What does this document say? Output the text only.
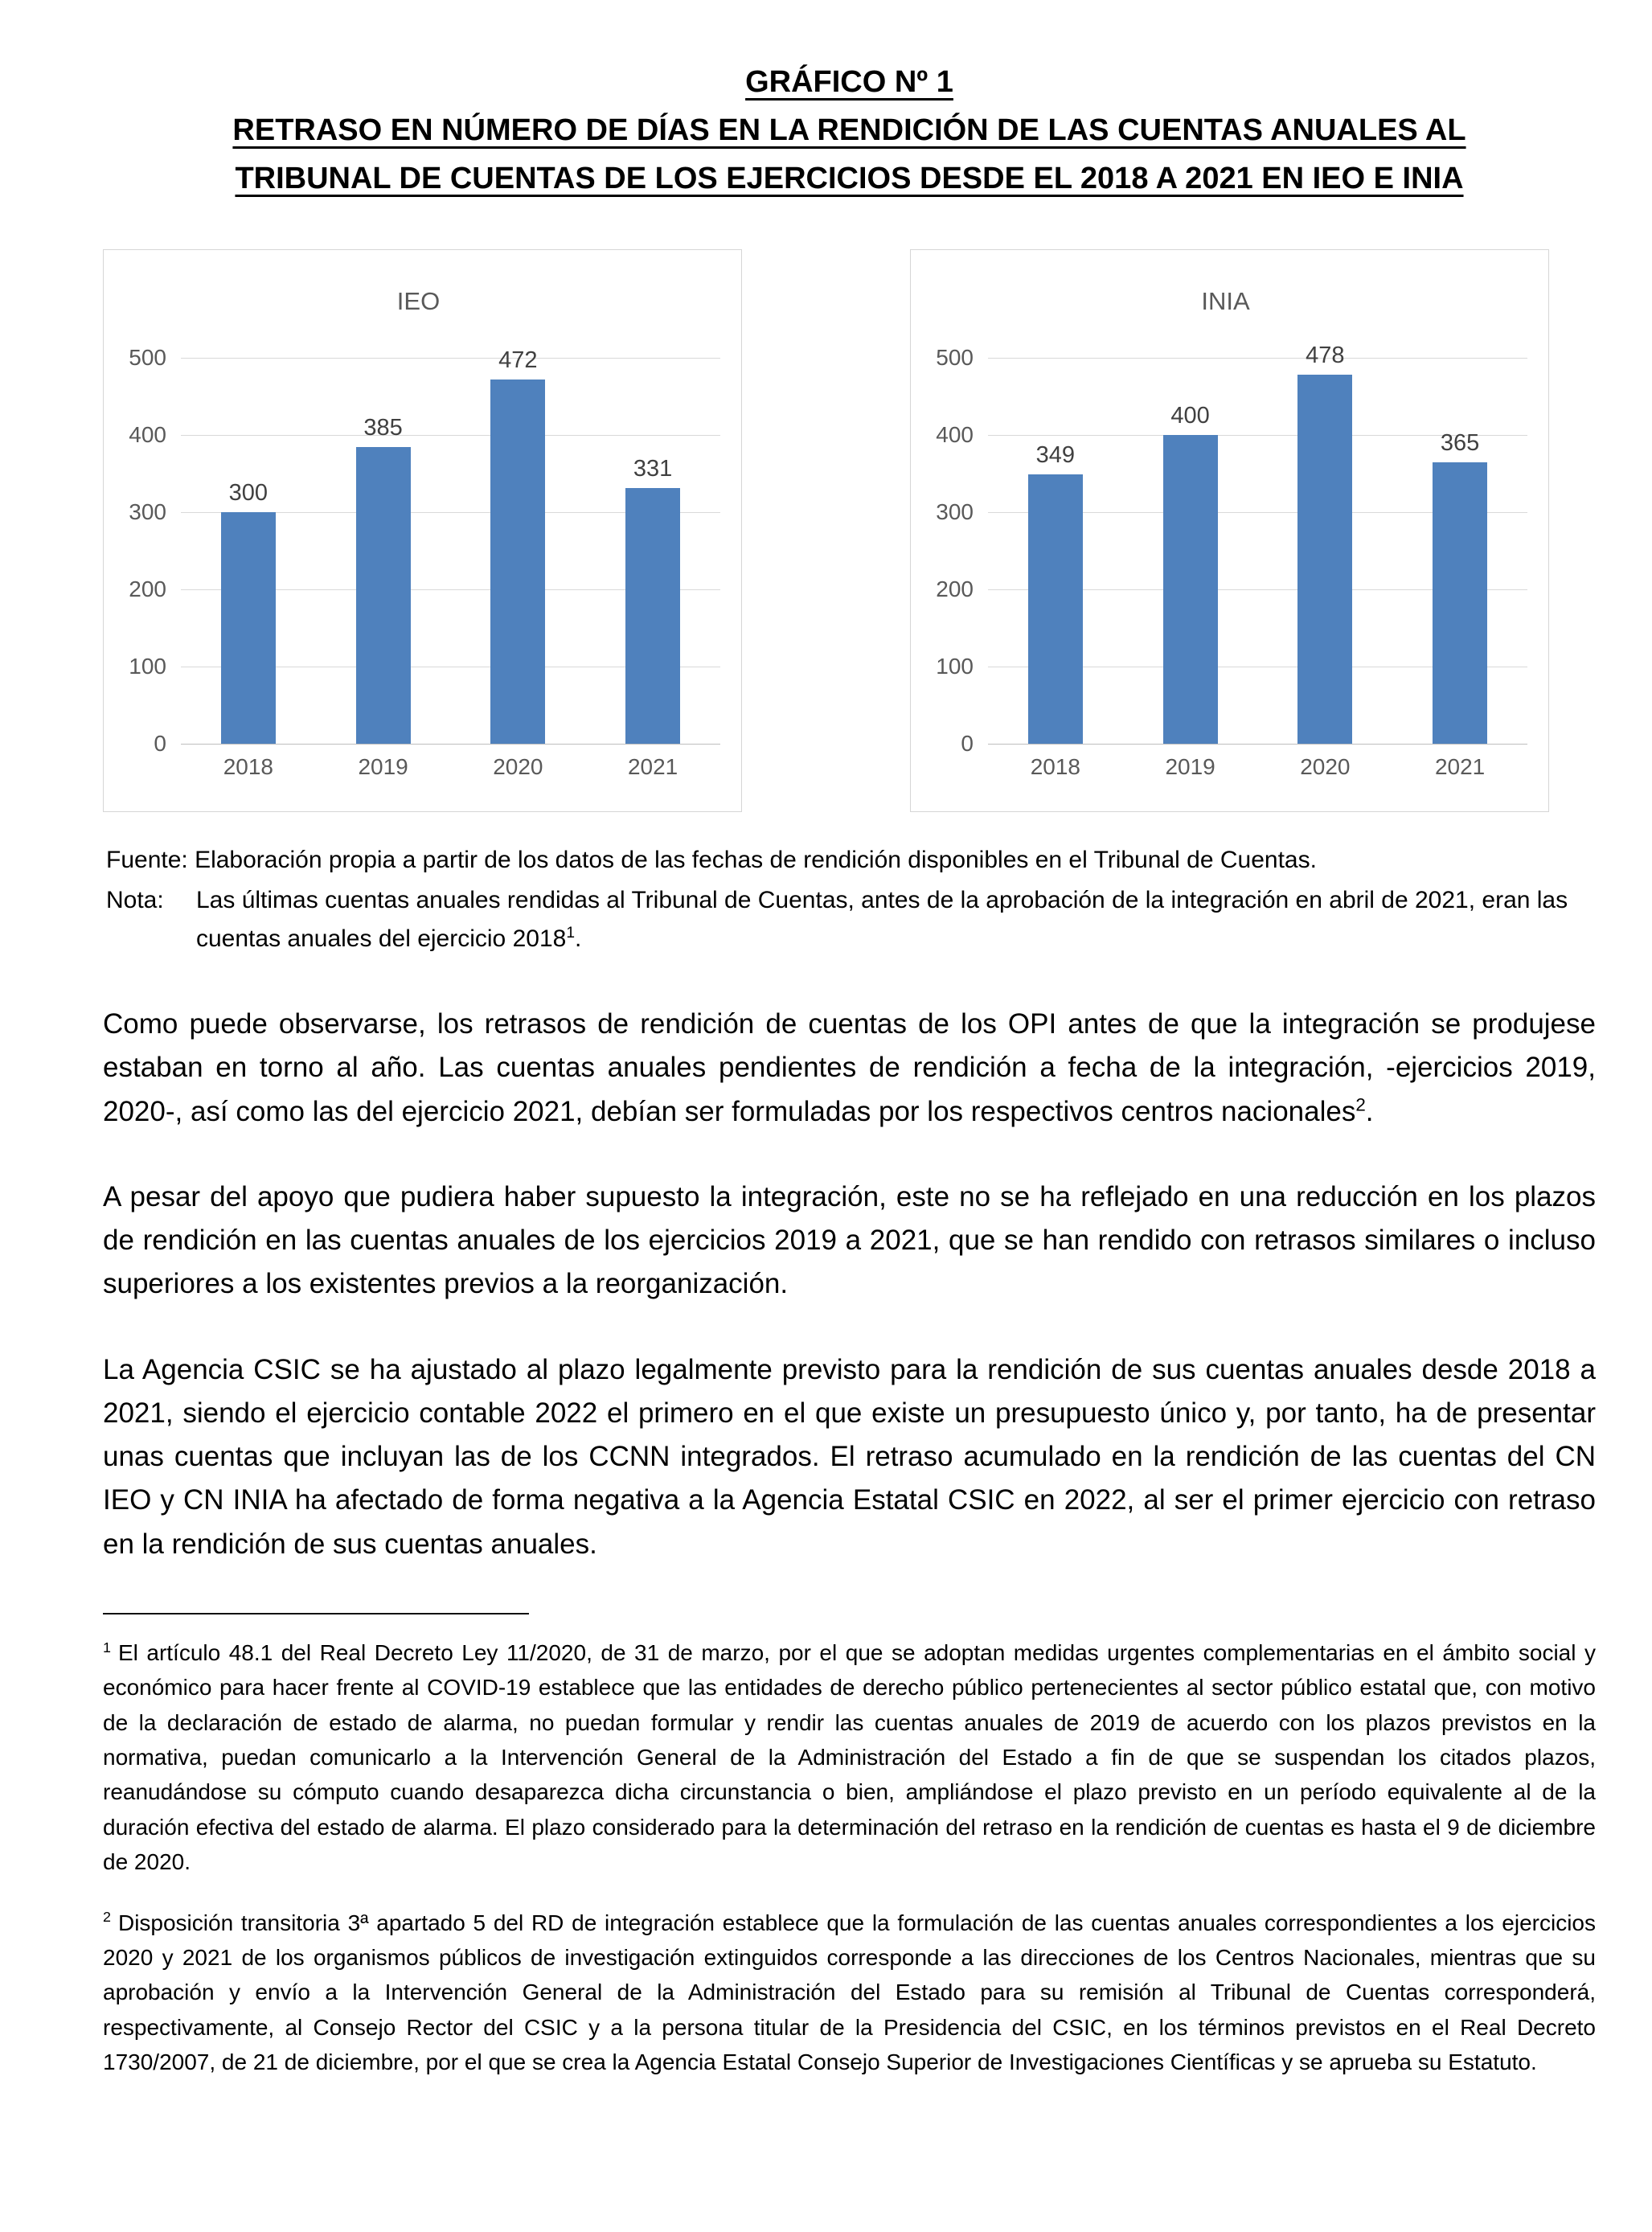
GRÁFICO Nº 1
RETRASO EN NÚMERO DE DÍAS EN LA RENDICIÓN DE LAS CUENTAS ANUALES AL
TRIBUNAL DE CUENTAS DE LOS EJERCICIOS DESDE EL 2018 A 2021 EN IEO E INIA
IEO
0
100
200
300
400
500
300
385
472
331
2018	2019	2020	2021
INIA
0
100
200
300
400
500
349
400
478
365
2018	2019	2020	2021

Fuente: Elaboración propia a partir de los datos de las fechas de rendición disponibles en el Tribunal de Cuentas.

Nota:	Las últimas cuentas anuales rendidas al Tribunal de Cuentas, antes de la aprobación de la integración en abril de 2021, eran las cuentas anuales del ejercicio 2018$^1$.

Como puede observarse, los retrasos de rendición de cuentas de los OPI antes de que la integración se produjese estaban en torno al año. Las cuentas anuales pendientes de rendición a fecha de la integración, -ejercicios 2019, 2020-, así como las del ejercicio 2021, debían ser formuladas por los respectivos centros nacionales$^2$.

A pesar del apoyo que pudiera haber supuesto la integración, este no se ha reflejado en una reducción en los plazos de rendición en las cuentas anuales de los ejercicios 2019 a 2021, que se han rendido con retrasos similares o incluso superiores a los existentes previos a la reorganización.

La Agencia CSIC se ha ajustado al plazo legalmente previsto para la rendición de sus cuentas anuales desde 2018 a 2021, siendo el ejercicio contable 2022 el primero en el que existe un presupuesto único y, por tanto, ha de presentar unas cuentas que incluyan las de los CCNN integrados. El retraso acumulado en la rendición de las cuentas del CN IEO y CN INIA ha afectado de forma negativa a la Agencia Estatal CSIC en 2022, al ser el primer ejercicio con retraso en la rendición de sus cuentas anuales.

$^1$ El artículo 48.1 del Real Decreto Ley 11/2020, de 31 de marzo, por el que se adoptan medidas urgentes complementarias en el ámbito social y económico para hacer frente al COVID-19 establece que las entidades de derecho público pertenecientes al sector público estatal que, con motivo de la declaración de estado de alarma, no puedan formular y rendir las cuentas anuales de 2019 de acuerdo con los plazos previstos en la normativa, puedan comunicarlo a la Intervención General de la Administración del Estado a fin de que se suspendan los citados plazos, reanudándose su cómputo cuando desaparezca dicha circunstancia o bien, ampliándose el plazo previsto en un período equivalente al de la duración efectiva del estado de alarma. El plazo considerado para la determinación del retraso en la rendición de cuentas es hasta el 9 de diciembre de 2020.

$^2$ Disposición transitoria 3ª apartado 5 del RD de integración establece que la formulación de las cuentas anuales correspondientes a los ejercicios 2020 y 2021 de los organismos públicos de investigación extinguidos corresponde a las direcciones de los Centros Nacionales, mientras que su aprobación y envío a la Intervención General de la Administración del Estado para su remisión al Tribunal de Cuentas corresponderá, respectivamente, al Consejo Rector del CSIC y a la persona titular de la Presidencia del CSIC, en los términos previstos en el Real Decreto 1730/2007, de 21 de diciembre, por el que se crea la Agencia Estatal Consejo Superior de Investigaciones Científicas y se aprueba su Estatuto.
